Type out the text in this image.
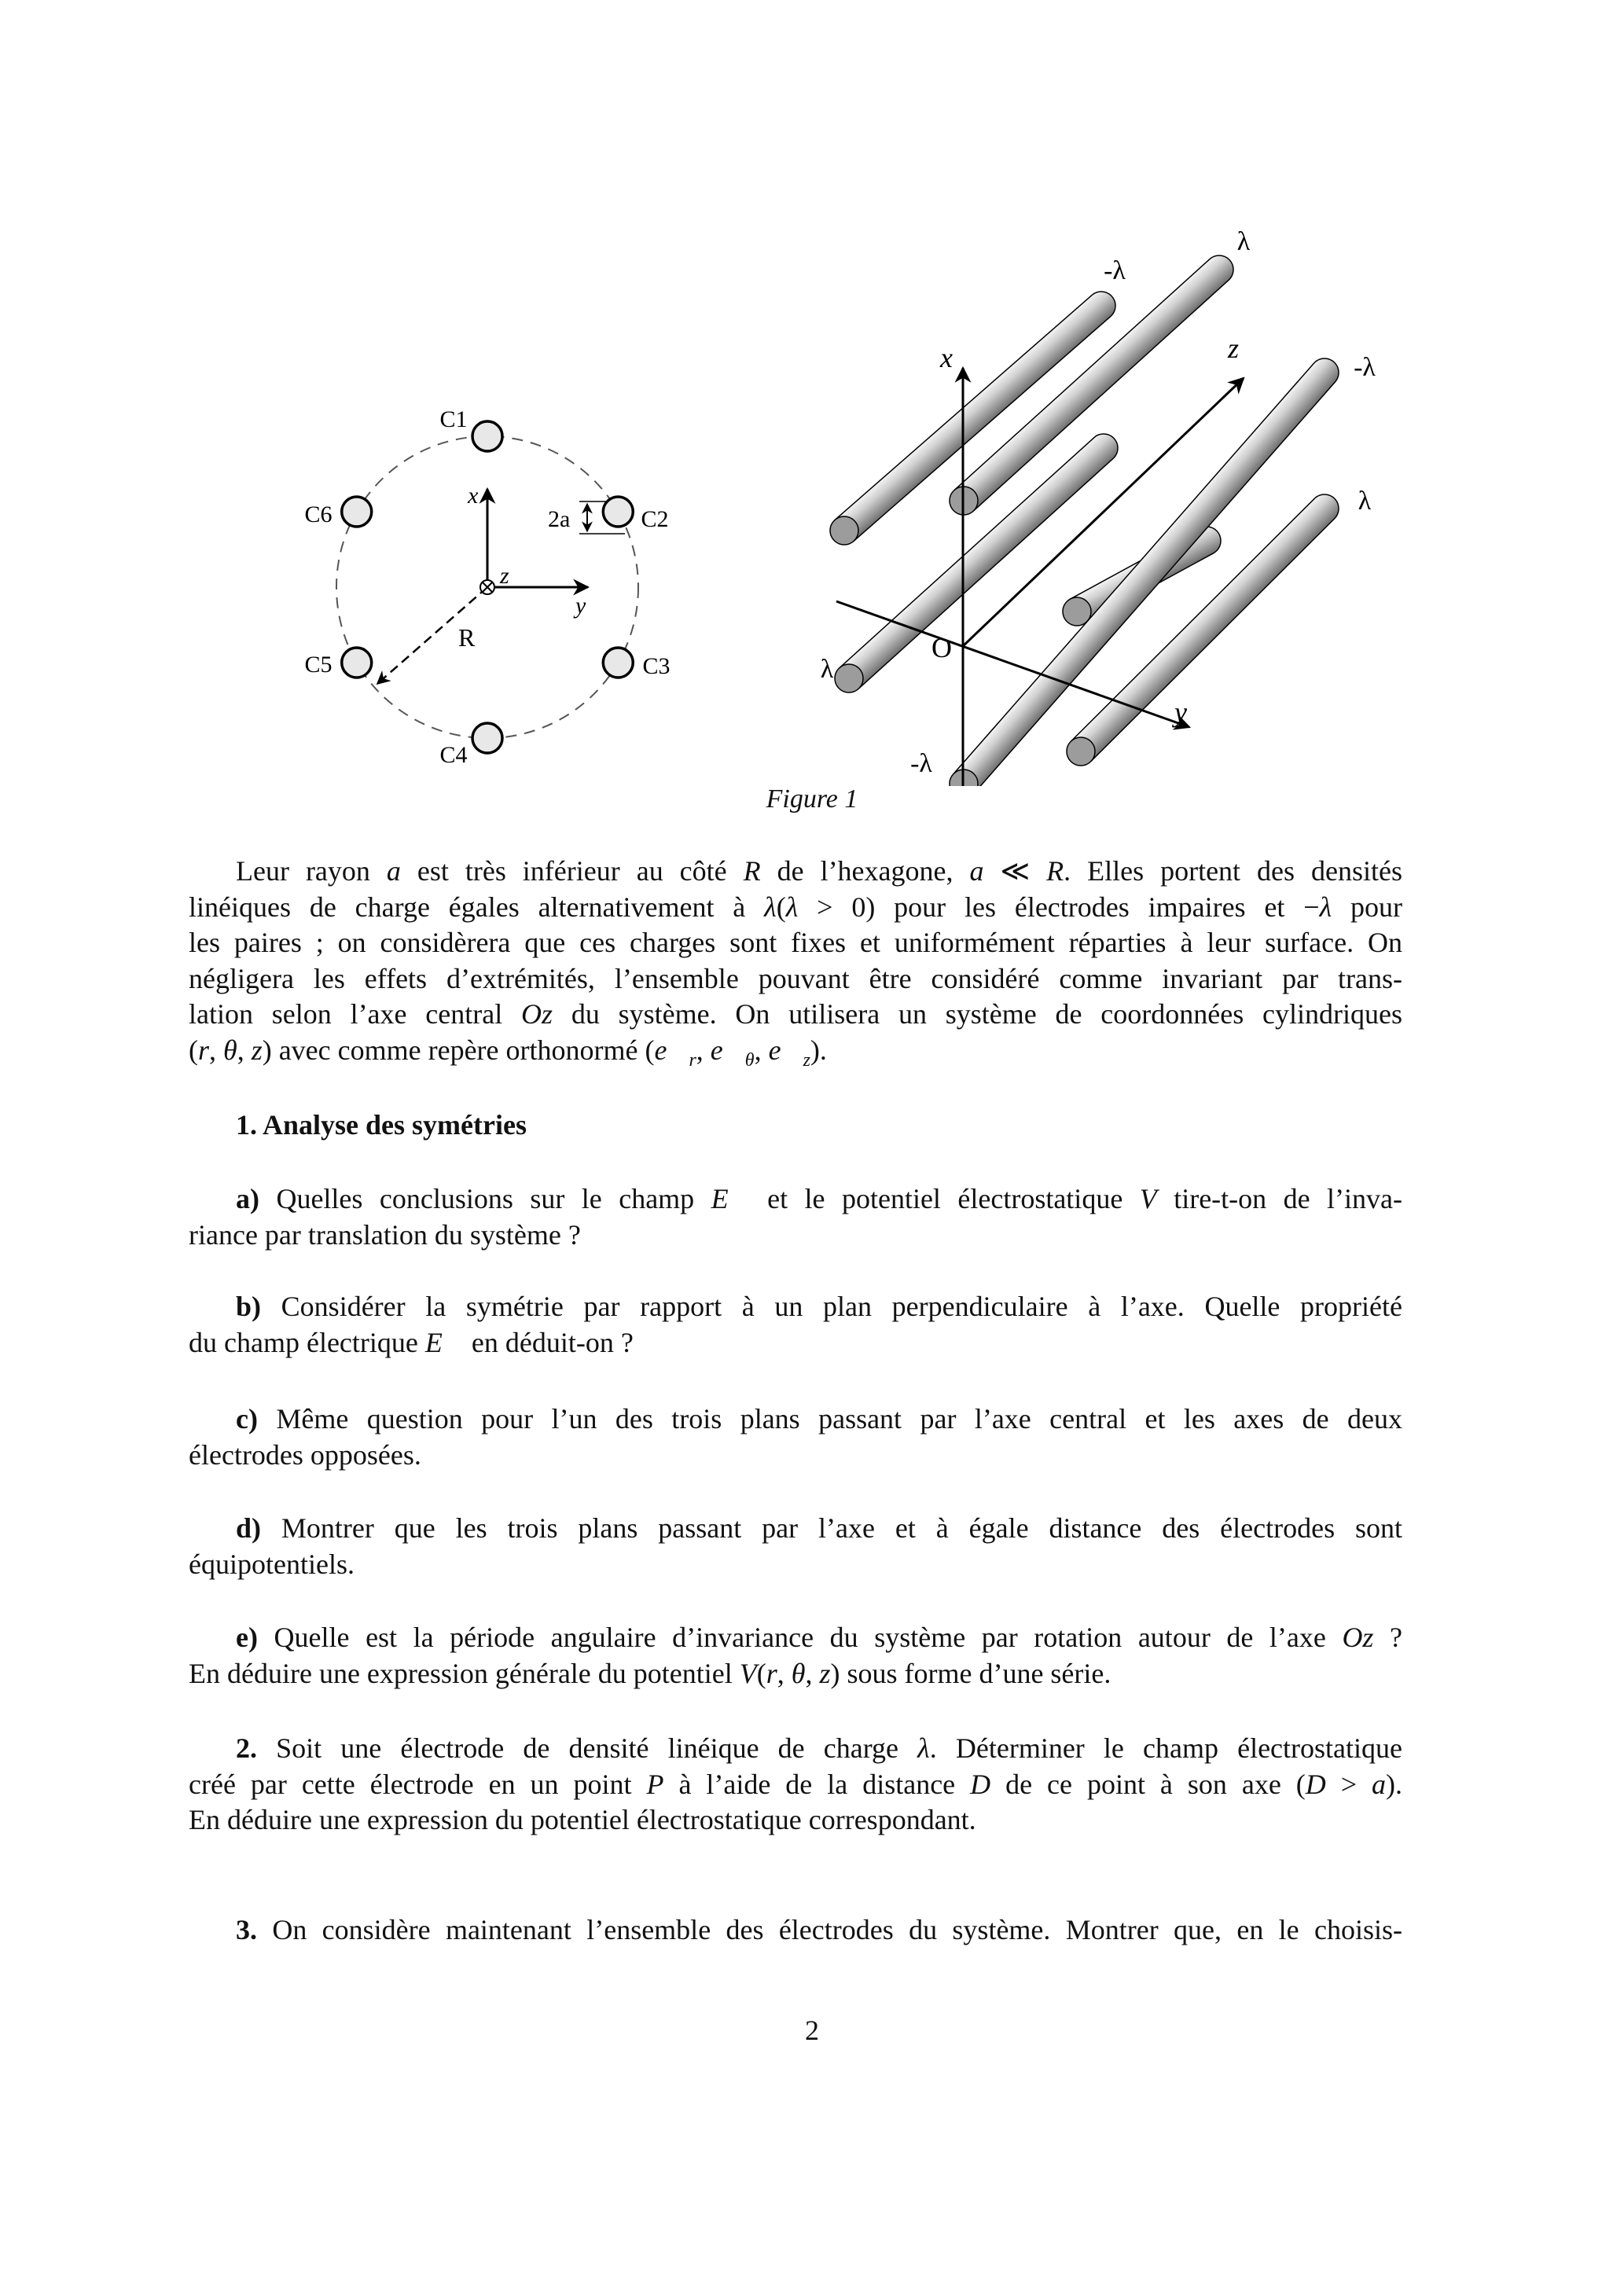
x
y
z
R
2a
C1
C2
C3
C4
C5
C6
-λ
λ
λ
-λ
-λ
λ
x	z
y
O
Figure 1
Leur rayon a est très inférieur au côté R de l’hexagone, a ≪ R. Elles portent des densités
linéiques de charge égales alternativement à λ(λ > 0) pour les électrodes impaires et −λ pour
les paires ; on considèrera que ces charges sont fixes et uniformément réparties à leur surface. On
négligera les effets d’extrémités, l’ensemble pouvant être considéré comme invariant par trans-
lation selon l’axe central Oz du système. On utilisera un système de coordonnées cylindriques
(r, θ, z) avec comme repère orthonormé ($e⃗_r$, $e⃗_\theta$, $e⃗_z$).
1. Analyse des symétries
a) Quelles conclusions sur le champ E⃗ et le potentiel électrostatique V tire-t-on de l’inva-
riance par translation du système ?
b) Considérer la symétrie par rapport à un plan perpendiculaire à l’axe. Quelle propriété
du champ électrique E⃗ en déduit-on ?
c) Même question pour l’un des trois plans passant par l’axe central et les axes de deux
électrodes opposées.
d) Montrer que les trois plans passant par l’axe et à égale distance des électrodes sont
équipotentiels.
e) Quelle est la période angulaire d’invariance du système par rotation autour de l’axe Oz ?
En déduire une expression générale du potentiel V(r, θ, z) sous forme d’une série.
2. Soit une électrode de densité linéique de charge λ. Déterminer le champ électrostatique
créé par cette électrode en un point P à l’aide de la distance D de ce point à son axe (D > a).
En déduire une expression du potentiel électrostatique correspondant.
3. On considère maintenant l’ensemble des électrodes du système. Montrer que, en le choisis-
2
